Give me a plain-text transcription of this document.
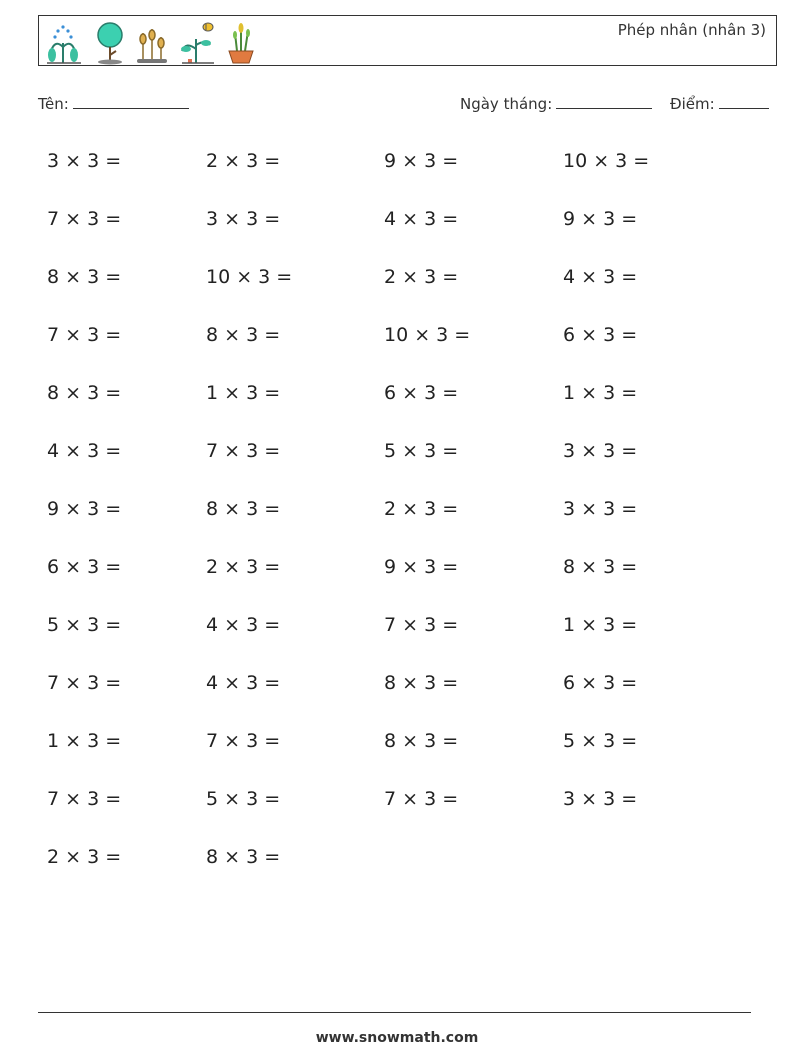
Phép nhân (nhân 3)
Tên:	Ngày tháng:	Điểm:
3 × 3 =	2 × 3 =	9 × 3 =	10 × 3 =
7 × 3 =	3 × 3 =	4 × 3 =	9 × 3 =
8 × 3 =	10 × 3 =	2 × 3 =	4 × 3 =
7 × 3 =	8 × 3 =	10 × 3 =	6 × 3 =
8 × 3 =	1 × 3 =	6 × 3 =	1 × 3 =
4 × 3 =	7 × 3 =	5 × 3 =	3 × 3 =
9 × 3 =	8 × 3 =	2 × 3 =	3 × 3 =
6 × 3 =	2 × 3 =	9 × 3 =	8 × 3 =
5 × 3 =	4 × 3 =	7 × 3 =	1 × 3 =
7 × 3 =	4 × 3 =	8 × 3 =	6 × 3 =
1 × 3 =	7 × 3 =	8 × 3 =	5 × 3 =
7 × 3 =	5 × 3 =	7 × 3 =	3 × 3 =
2 × 3 =	8 × 3 =
www.snowmath.com
